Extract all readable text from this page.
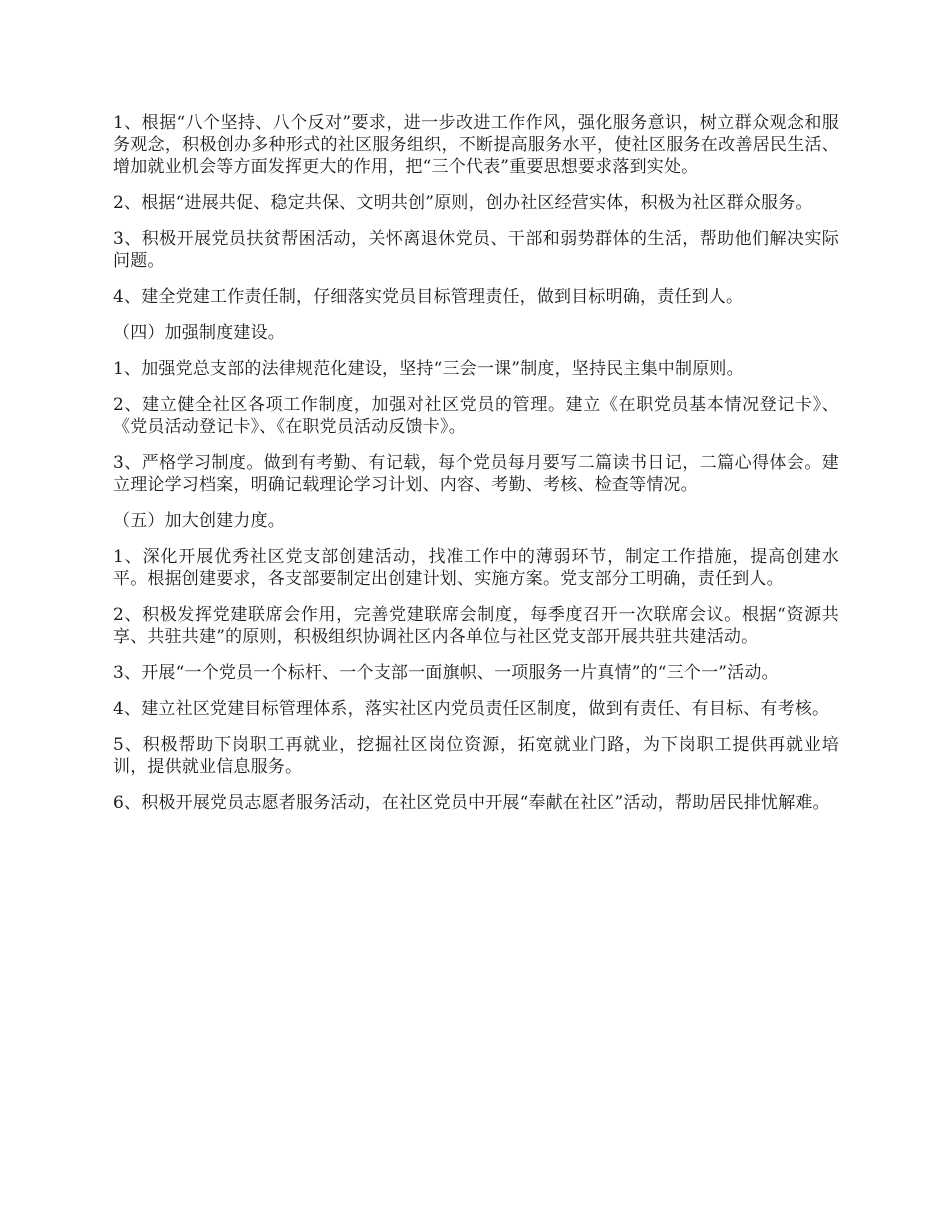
1、根据“八个坚持、八个反对”要求，进一步改进工作作风，强化服务意识，树立群众观念和服务观念，积极创办多种形式的社区服务组织，不断提高服务水平，使社区服务在改善居民生活、增加就业机会等方面发挥更大的作用，把“三个代表”重要思想要求落到实处。

2、根据“进展共促、稳定共保、文明共创”原则，创办社区经营实体，积极为社区群众服务。

3、积极开展党员扶贫帮困活动，关怀离退休党员、干部和弱势群体的生活，帮助他们解决实际问题。

4、建全党建工作责任制，仔细落实党员目标管理责任，做到目标明确，责任到人。

（四）加强制度建设。

1、加强党总支部的法律规范化建设，坚持“三会一课”制度，坚持民主集中制原则。

2、建立健全社区各项工作制度，加强对社区党员的管理。建立《在职党员基本情况登记卡》、《党员活动登记卡》、《在职党员活动反馈卡》。

3、严格学习制度。做到有考勤、有记载，每个党员每月要写二篇读书日记，二篇心得体会。建立理论学习档案，明确记载理论学习计划、内容、考勤、考核、检查等情况。

（五）加大创建力度。

1、深化开展优秀社区党支部创建活动，找准工作中的薄弱环节，制定工作措施，提高创建水平。根据创建要求，各支部要制定出创建计划、实施方案。党支部分工明确，责任到人。

2、积极发挥党建联席会作用，完善党建联席会制度，每季度召开一次联席会议。根据“资源共享、共驻共建”的原则，积极组织协调社区内各单位与社区党支部开展共驻共建活动。

3、开展“一个党员一个标杆、一个支部一面旗帜、一项服务一片真情”的“三个一”活动。

4、建立社区党建目标管理体系，落实社区内党员责任区制度，做到有责任、有目标、有考核。

5、积极帮助下岗职工再就业，挖掘社区岗位资源，拓宽就业门路，为下岗职工提供再就业培训，提供就业信息服务。

6、积极开展党员志愿者服务活动，在社区党员中开展“奉献在社区”活动，帮助居民排忧解难。
